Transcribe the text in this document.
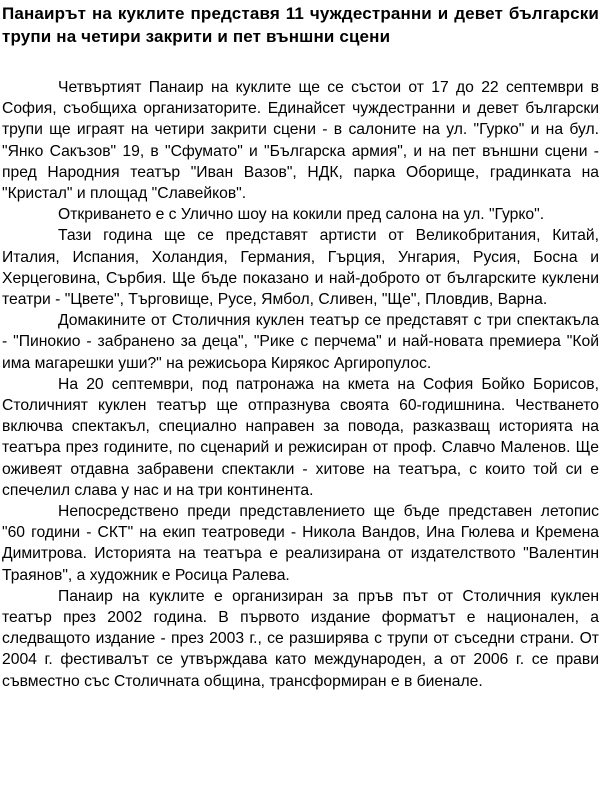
Панаирът на куклите представя 11 чуждестранни и девет български трупи на четири закрити и пет външни сцени

Четвъртият Панаир на куклите ще се състои от 17 до 22 септември в София, съобщиха организаторите. Единайсет чуждестранни и девет български трупи ще играят на четири закрити сцени - в салоните на ул. "Гурко" и на бул. "Янко Сакъзов" 19, в "Сфумато" и "Българска армия", и на пет външни сцени - пред Народния театър "Иван Вазов", НДК, парка Оборище, градинката на "Кристал" и площад "Славейков".

Откриването е с Улично шоу на кокили пред салона на ул. "Гурко".

Тази година ще се представят артисти от Великобритания, Китай, Италия, Испания, Холандия, Германия, Гърция, Унгария, Русия, Босна и Херцеговина, Сърбия. Ще бъде показано и най-доброто от българските куклени театри - "Цвете", Търговище, Русе, Ямбол, Сливен, "Ще", Пловдив, Варна.

Домакините от Столичния куклен театър се представят с три спектакъла - "Пинокио - забранено за деца", "Рике с перчема" и най-новата премиера "Кой има магарешки уши?" на режисьора Кирякос Аргиропулос.

На 20 септември, под патронажа на кмета на София Бойко Борисов, Столичният куклен театър ще отпразнува своята 60-годишнина. Честването включва спектакъл, специално направен за повода, разказващ историята на театъра през годините, по сценарий и режисиран от проф. Славчо Маленов. Ще оживеят отдавна забравени спектакли - хитове на театъра, с които той си е спечелил слава у нас и на три континента.

Непосредствено преди представлението ще бъде представен летопис "60 години - СКТ" на екип театроведи - Никола Вандов, Ина Гюлева и Кремена Димитрова. Историята на театъра е реализирана от издателството "Валентин Траянов", а художник е Росица Ралева.

Панаир на куклите е организиран за пръв път от Столичния куклен театър през 2002 година. В първото издание форматът е национален, а следващото издание - през 2003 г., се разширява с трупи от съседни страни. От 2004 г. фестивалът се утвърждава като международен, а от 2006 г. се прави съвместно със Столичната община, трансформиран е в биенале.
